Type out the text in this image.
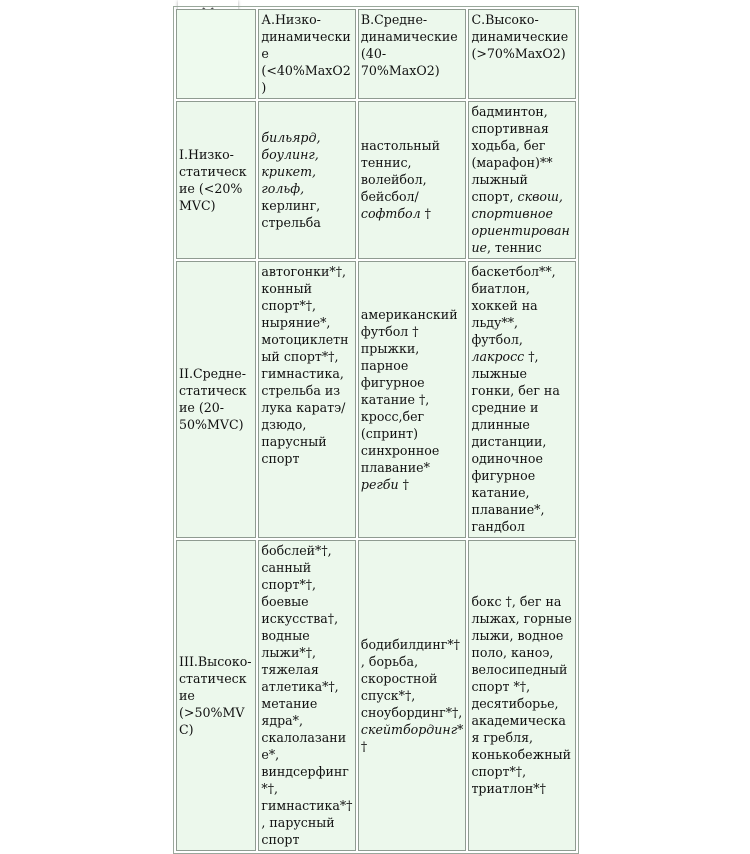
	А.Низко-динамические (<40%МахО2)	В.Средне-динамические (40-70%МахО2)	С.Высоко-динамические (>70%МахО2)
I.Низко-статические (<20% MVC)	бильярд, боулинг, крикет, гольф, керлинг, стрельба	настольный теннис, волейбол, бейсбол/софтбол †	бадминтон, спортивная ходьба, бег (марафон)** лыжный спорт, сквош, спортивное ориентирование, теннис
II.Средне-статические (20-50%MVC)	автогонки*†, конный спорт*†, ныряние*, мотоциклетный спорт*†, гимнастика, стрельба из лука каратэ/ дзюдо, парусный спорт	американский футбол † прыжки, парное фигурное катание †, кросс,бег (спринт) синхронное плавание* регби †	баскетбол**, биатлон, хоккей на льду**, футбол, лакросс †, лыжные гонки, бег на средние и длинные дистанции, одиночное фигурное катание, плавание*, гандбол
III.Высоко-статические (>50%MVC)	бобслей*†, санный спорт*†, боевые искусства†, водные лыжи*†, тяжелая атлетика*†, метание ядра*, скалолазание*, виндсерфинг*†, гимнастика*†, парусный спорт	бодибилдинг*†, борьба, скоростной спуск*†, сноубординг*†, скейтбординг*†	бокс †, бег на лыжах, горные лыжи, водное поло, каноэ, велосипедный спорт *†, десятиборье, академическая гребля, конькобежный спорт*†, триатлон*†
